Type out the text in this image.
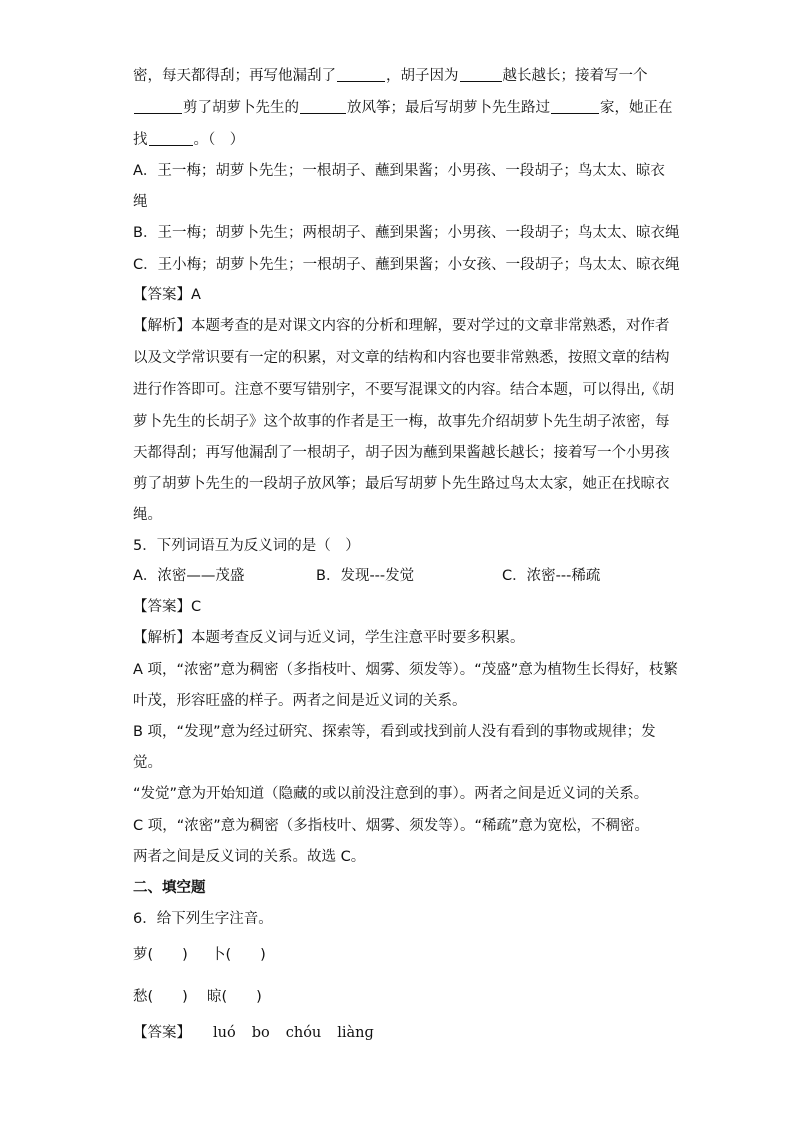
密，每天都得刮；再写他漏刮了	，胡子因为	越长越长；接着写一个
剪了胡萝卜先生的	放风筝；最后写胡萝卜先生路过	家，她正在
找	。（　）
A．王一梅；胡萝卜先生；一根胡子、蘸到果酱；小男孩、一段胡子；鸟太太、晾衣
绳
B．王一梅；胡萝卜先生；两根胡子、蘸到果酱；小男孩、一段胡子；鸟太太、晾衣绳
C．王小梅；胡萝卜先生；一根胡子、蘸到果酱；小女孩、一段胡子；鸟太太、晾衣绳
【答案】A
【解析】本题考查的是对课文内容的分析和理解，要对学过的文章非常熟悉，对作者
以及文学常识要有一定的积累，对文章的结构和内容也要非常熟悉，按照文章的结构
进行作答即可。注意不要写错别字，不要写混课文的内容。结合本题，可以得出,《胡
萝卜先生的长胡子》这个故事的作者是王一梅，故事先介绍胡萝卜先生胡子浓密，每
天都得刮；再写他漏刮了一根胡子，胡子因为蘸到果酱越长越长；接着写一个小男孩
剪了胡萝卜先生的一段胡子放风筝；最后写胡萝卜先生路过鸟太太家，她正在找晾衣
绳。
5．下列词语互为反义词的是（　）
A．浓密——茂盛	B．发现---发觉	C．浓密---稀疏
【答案】C
【解析】本题考查反义词与近义词，学生注意平时要多积累。
A 项，“浓密”意为稠密（多指枝叶、烟雾、须发等）。“茂盛”意为植物生长得好，枝繁
叶茂，形容旺盛的样子。两者之间是近义词的关系。
B 项，“发现”意为经过研究、探索等，看到或找到前人没有看到的事物或规律；发
觉。
“发觉”意为开始知道（隐藏的或以前没注意到的事）。两者之间是近义词的关系。
C 项，“浓密”意为稠密（多指枝叶、烟雾、须发等）。“稀疏”意为宽松，不稠密。
两者之间是反义词的关系。故选 C。
二、填空题
6．给下列生字注音。
萝(　　) 卜(　　)
愁(　　) 晾(　　)
【答案】 luó bo chóu liànɡ
